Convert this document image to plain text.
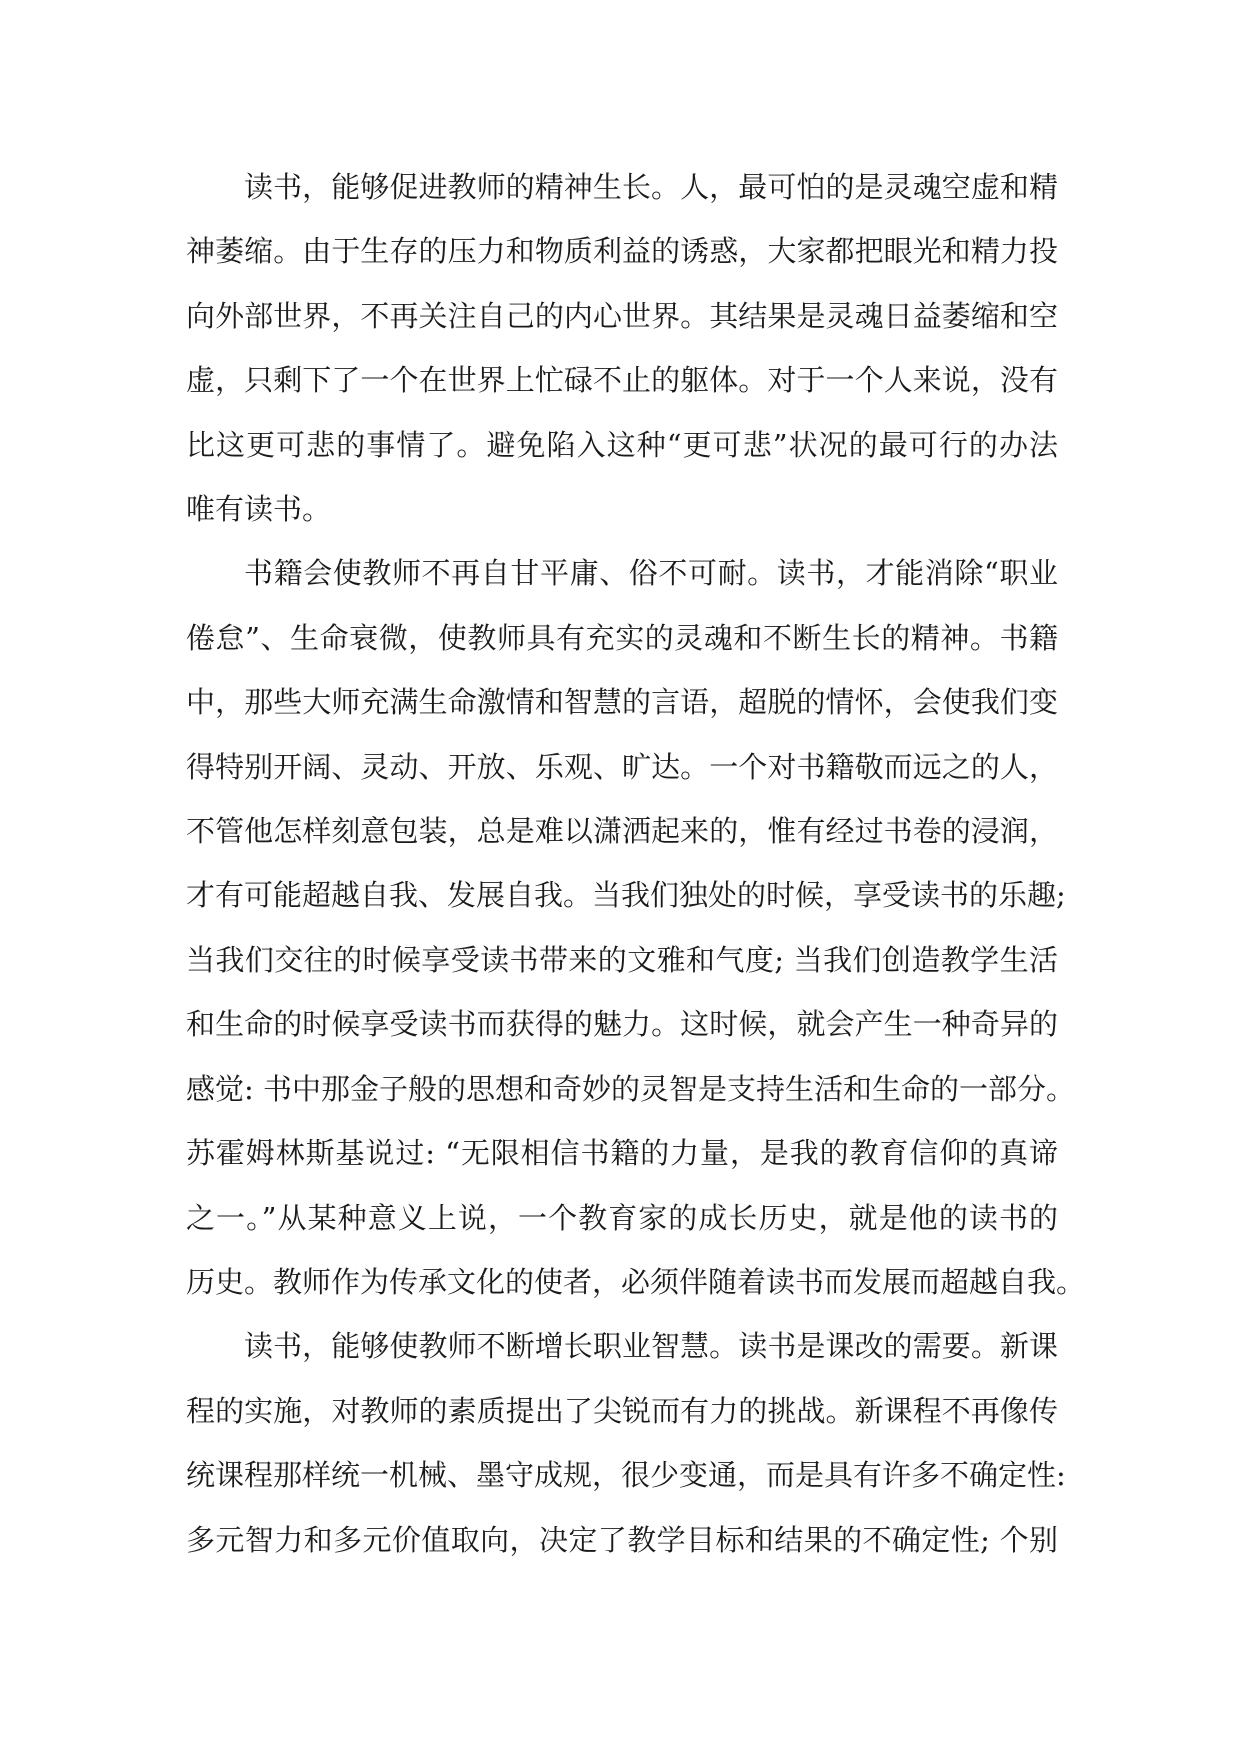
读书，能够促进教师的精神生长。人，最可怕的是灵魂空虚和精
神萎缩。由于生存的压力和物质利益的诱惑，大家都把眼光和精力投
向外部世界，不再关注自己的内心世界。其结果是灵魂日益萎缩和空
虚，只剩下了一个在世界上忙碌不止的躯体。对于一个人来说，没有
比这更可悲的事情了。避免陷入这种“更可悲”状况的最可行的办法
唯有读书。
书籍会使教师不再自甘平庸、俗不可耐。读书，才能消除“职业
倦怠”、生命衰微，使教师具有充实的灵魂和不断生长的精神。书籍
中，那些大师充满生命激情和智慧的言语，超脱的情怀，会使我们变
得特别开阔、灵动、开放、乐观、旷达。一个对书籍敬而远之的人，
不管他怎样刻意包装，总是难以潇洒起来的，惟有经过书卷的浸润，
才有可能超越自我、发展自我。当我们独处的时候，享受读书的乐趣;
当我们交往的时候享受读书带来的文雅和气度; 当我们创造教学生活
和生命的时候享受读书而获得的魅力。这时候，就会产生一种奇异的
感觉: 书中那金子般的思想和奇妙的灵智是支持生活和生命的一部分。
苏霍姆林斯基说过: “无限相信书籍的力量，是我的教育信仰的真谛
之一。”从某种意义上说，一个教育家的成长历史，就是他的读书的
历史。教师作为传承文化的使者，必须伴随着读书而发展而超越自我。
读书，能够使教师不断增长职业智慧。读书是课改的需要。新课
程的实施，对教师的素质提出了尖锐而有力的挑战。新课程不再像传
统课程那样统一机械、墨守成规，很少变通，而是具有许多不确定性:
多元智力和多元价值取向，决定了教学目标和结果的不确定性; 个别
